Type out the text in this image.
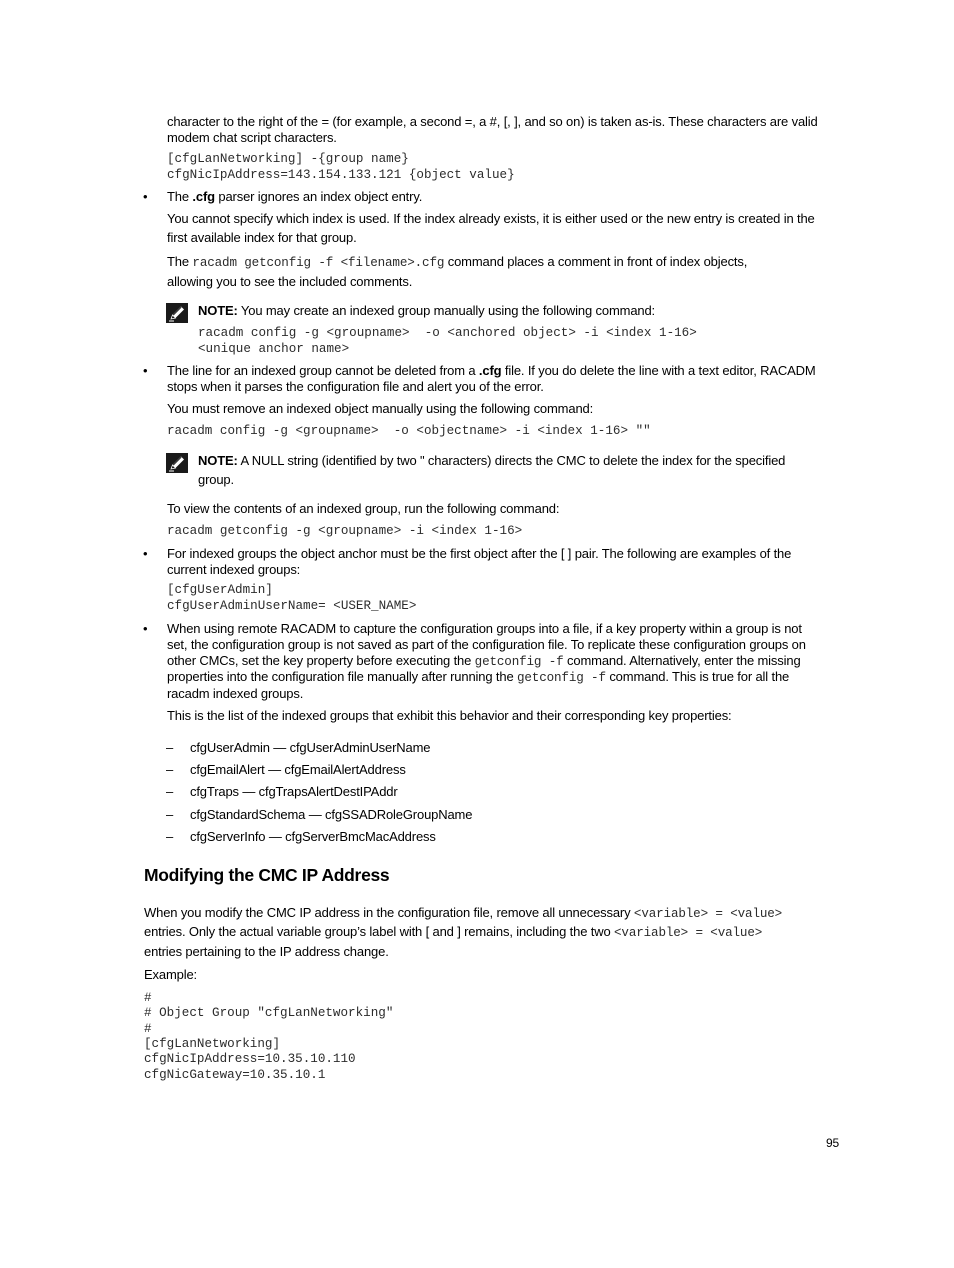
character to the right of the = (for example, a second =, a #, [, ], and so on) is taken as-is. These characters are valid
modem chat script characters.
[cfgLanNetworking] -{group name}
cfgNicIpAddress=143.154.133.121 {object value}
• The .cfg parser ignores an index object entry.
You cannot specify which index is used. If the index already exists, it is either used or the new entry is created in the
first available index for that group.
The racadm getconfig -f <filename>.cfg command places a comment in front of index objects,
allowing you to see the included comments.
NOTE: You may create an indexed group manually using the following command:
racadm config -g <groupname>  -o <anchored object> -i <index 1-16>
<unique anchor name>
• The line for an indexed group cannot be deleted from a .cfg file. If you do delete the line with a text editor, RACADM
stops when it parses the configuration file and alert you of the error.
You must remove an indexed object manually using the following command:
racadm config -g <groupname>  -o <objectname> -i <index 1-16> ""
NOTE: A NULL string (identified by two " characters) directs the CMC to delete the index for the specified
group.
To view the contents of an indexed group, run the following command:
racadm getconfig -g <groupname> -i <index 1-16>
• For indexed groups the object anchor must be the first object after the [ ] pair. The following are examples of the
current indexed groups:
[cfgUserAdmin]
cfgUserAdminUserName= <USER_NAME>
• When using remote RACADM to capture the configuration groups into a file, if a key property within a group is not
set, the configuration group is not saved as part of the configuration file. To replicate these configuration groups on
other CMCs, set the key property before executing the getconfig -f command. Alternatively, enter the missing
properties into the configuration file manually after running the getconfig -f command. This is true for all the
racadm indexed groups.
This is the list of the indexed groups that exhibit this behavior and their corresponding key properties:
– cfgUserAdmin — cfgUserAdminUserName
– cfgEmailAlert — cfgEmailAlertAddress
– cfgTraps — cfgTrapsAlertDestIPAddr
– cfgStandardSchema — cfgSSADRoleGroupName
– cfgServerInfo — cfgServerBmcMacAddress
Modifying the CMC IP Address
When you modify the CMC IP address in the configuration file, remove all unnecessary <variable> = <value>
entries. Only the actual variable group’s label with [ and ] remains, including the two <variable> = <value>
entries pertaining to the IP address change.
Example:
#
# Object Group "cfgLanNetworking"
#
[cfgLanNetworking]
cfgNicIpAddress=10.35.10.110
cfgNicGateway=10.35.10.1
95
